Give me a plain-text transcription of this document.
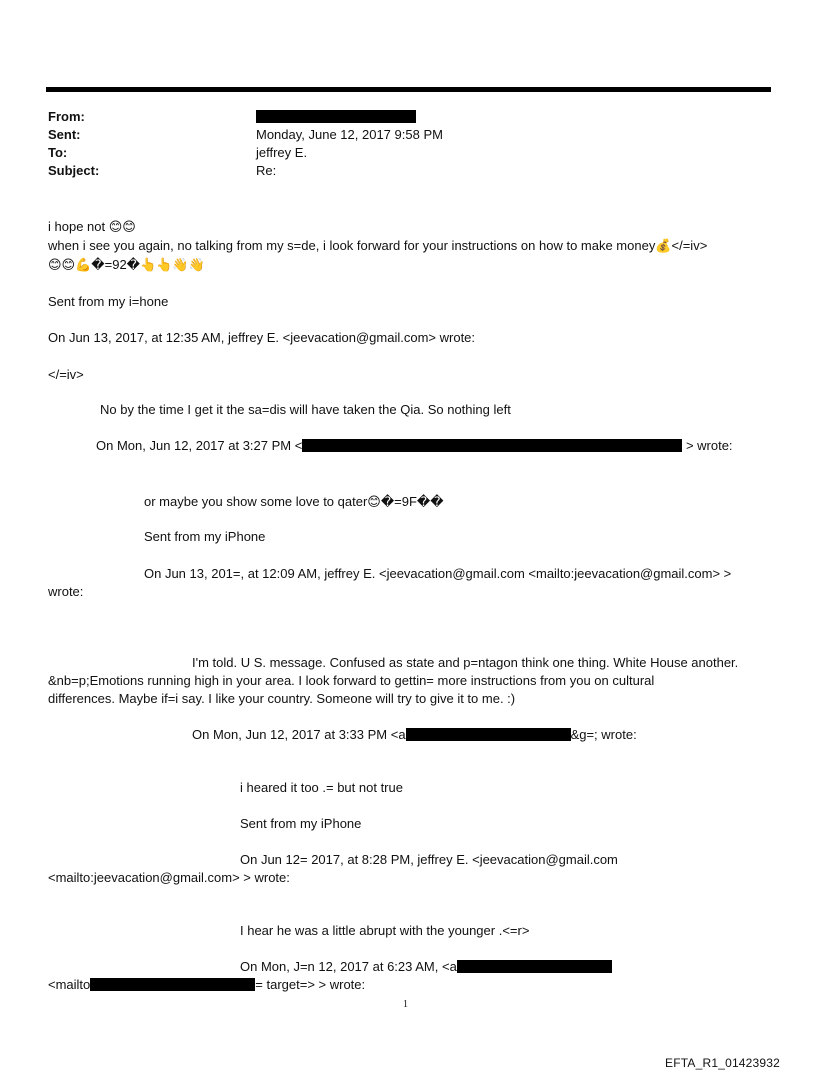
From:
Sent:	Monday, June 12, 2017 9:58 PM
To:	jeffrey E.
Subject:	Re:
i hope not 😊😊
when i see you again, no talking from my s=de, i look forward for your instructions on how to make money💰</=iv>
😊😊💪�=92�👆👆👋👋
Sent from my i=hone
On Jun 13, 2017, at 12:35 AM, jeffrey E. <jeevacation@gmail.com> wrote:
</=iv>
No by the time I get it the sa=dis will have taken the Qia. So nothing left
On Mon, Jun 12, 2017 at 3:27 PM <	> wrote:
or maybe you show some love to qater😊�=9F��
Sent from my iPhone
On Jun 13, 201=, at 12:09 AM, jeffrey E. <jeevacation@gmail.com <mailto:jeevacation@gmail.com> >
wrote:
I'm told. U S. message. Confused as state and p=ntagon think one thing. White House another.
&nb=p;Emotions running high in your area. I look forward to gettin= more instructions from you on cultural
differences. Maybe if=i say. I like your country. Someone will try to give it to me. :)
On Mon, Jun 12, 2017 at 3:33 PM <a	&g=; wrote:
i heared it too .= but not true
Sent from my iPhone
On Jun 12= 2017, at 8:28 PM, jeffrey E. <jeevacation@gmail.com
<mailto:jeevacation@gmail.com> > wrote:
I hear he was a little abrupt with the younger .<=r>
On Mon, J=n 12, 2017 at 6:23 AM, <a
<mailto	= target=> > wrote:
1
EFTA_R1_01423932
